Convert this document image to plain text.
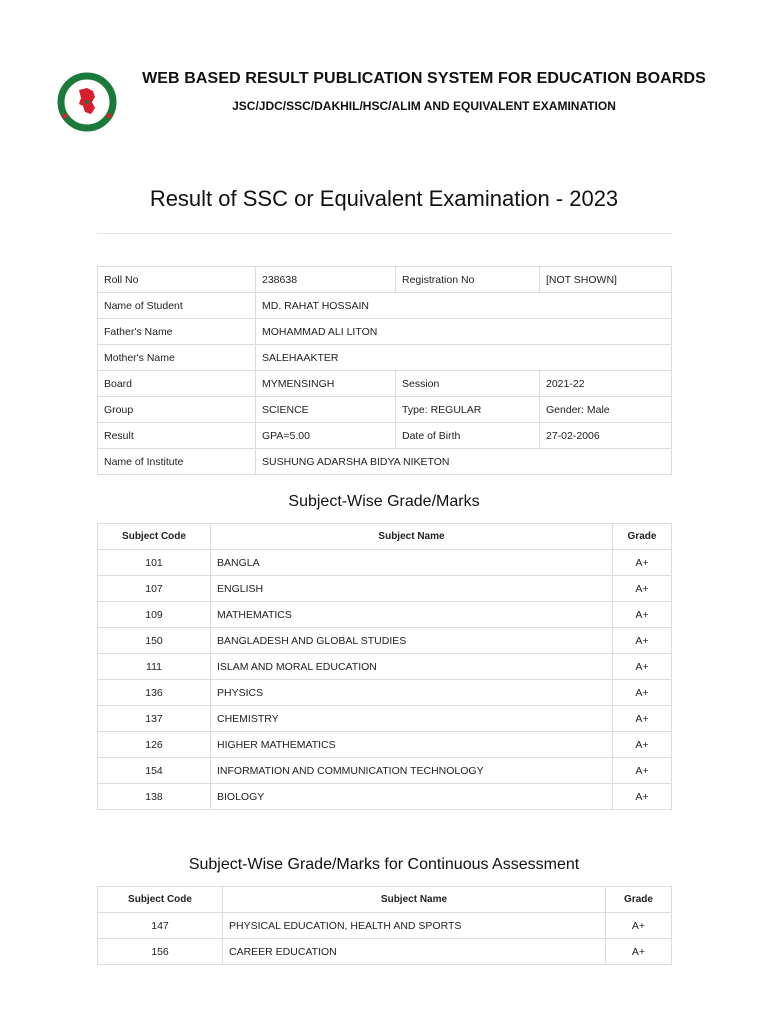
WEB BASED RESULT PUBLICATION SYSTEM FOR EDUCATION BOARDS
JSC/JDC/SSC/DAKHIL/HSC/ALIM AND EQUIVALENT EXAMINATION
Result of SSC or Equivalent Examination - 2023
Roll No	238638	Registration No	[NOT SHOWN]
Name of Student	MD. RAHAT HOSSAIN		
Father's Name	MOHAMMAD ALI LITON		
Mother's Name	SALEHAAKTER		
Board	MYMENSINGH	Session	2021-22
Group	SCIENCE	Type: REGULAR	Gender: Male
Result	GPA=5.00	Date of Birth	27-02-2006
Name of Institute	SUSHUNG ADARSHA BIDYA NIKETON		
Subject-Wise Grade/Marks
Subject Code	Subject Name	Grade
101	BANGLA	A+
107	ENGLISH	A+
109	MATHEMATICS	A+
150	BANGLADESH AND GLOBAL STUDIES	A+
111	ISLAM AND MORAL EDUCATION	A+
136	PHYSICS	A+
137	CHEMISTRY	A+
126	HIGHER MATHEMATICS	A+
154	INFORMATION AND COMMUNICATION TECHNOLOGY	A+
138	BIOLOGY	A+
Subject-Wise Grade/Marks for Continuous Assessment
Subject Code	Subject Name	Grade
147	PHYSICAL EDUCATION, HEALTH AND SPORTS	A+
156	CAREER EDUCATION	A+
